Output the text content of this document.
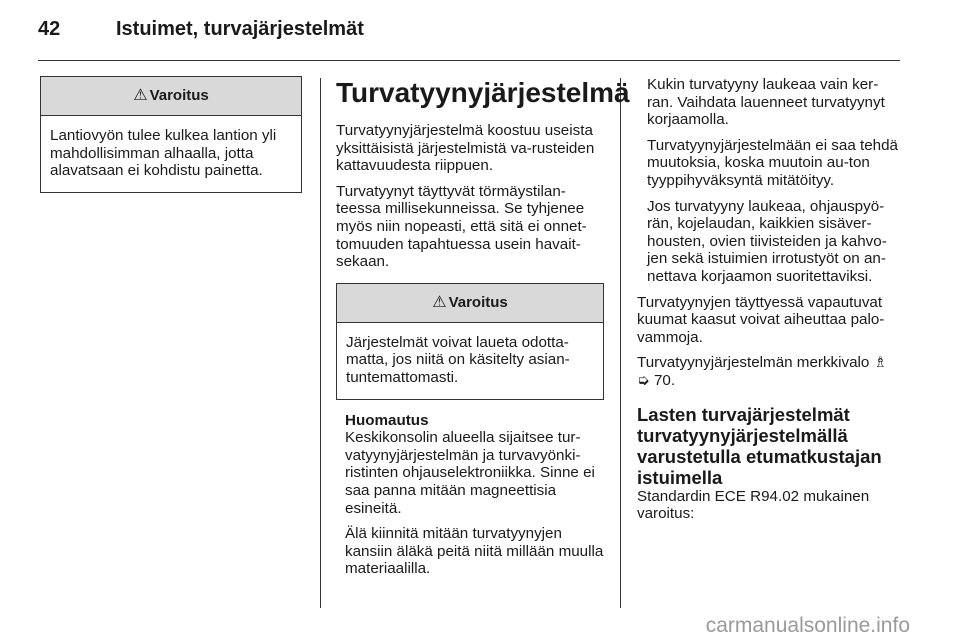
42	Istuimet, turvajärjestelmät
⚠ Varoitus
Lantiovyön tulee kulkea lantion yli mahdollisimman alhaalla, jotta alavatsaan ei kohdistu painetta.
Turvatyynyjärjestelmä

Turvatyynyjärjestelmä koostuu useista yksittäisistä järjestelmistä va-rusteiden kattavuudesta riippuen.

Turvatyynyt täyttyvät törmäystilan-teessa millisekunneissa. Se tyhjenee myös niin nopeasti, että sitä ei onnet-tomuuden tapahtuessa usein havait-sekaan.

⚠ Varoitus
Järjestelmät voivat laueta odotta-matta, jos niitä on käsitelty asian-tuntemattomasti.
Huomautus

Keskikonsolin alueella sijaitsee tur-vatyynyjärjestelmän ja turvavyönki-ristinten ohjauselektroniikka. Sinne ei saa panna mitään magneettisia esineitä.

Älä kiinnitä mitään turvatyynyjen kansiin äläkä peitä niitä millään muulla materiaalilla.

Kukin turvatyyny laukeaa vain ker-ran. Vaihdata lauenneet turvatyynyt korjaamolla.

Turvatyynyjärjestelmään ei saa tehdä muutoksia, koska muutoin au-ton tyyppihyväksyntä mitätöityy.

Jos turvatyyny laukeaa, ohjauspyö-rän, kojelaudan, kaikkien sisäver-housten, ovien tiivisteiden ja kahvo-jen sekä istuimien irrotustyöt on an-nettava korjaamon suoritettaviksi.

Turvatyynyjen täyttyessä vapautuvat kuumat kaasut voivat aiheuttaa palo-vammoja.

Turvatyynyjärjestelmän merkkivalo ♗
➭ 70.

Lasten turvajärjestelmät turvatyynyjärjestelmällä varustetulla etumatkustajan istuimella

Standardin ECE R94.02 mukainen varoitus:

carmanualsonline.info
